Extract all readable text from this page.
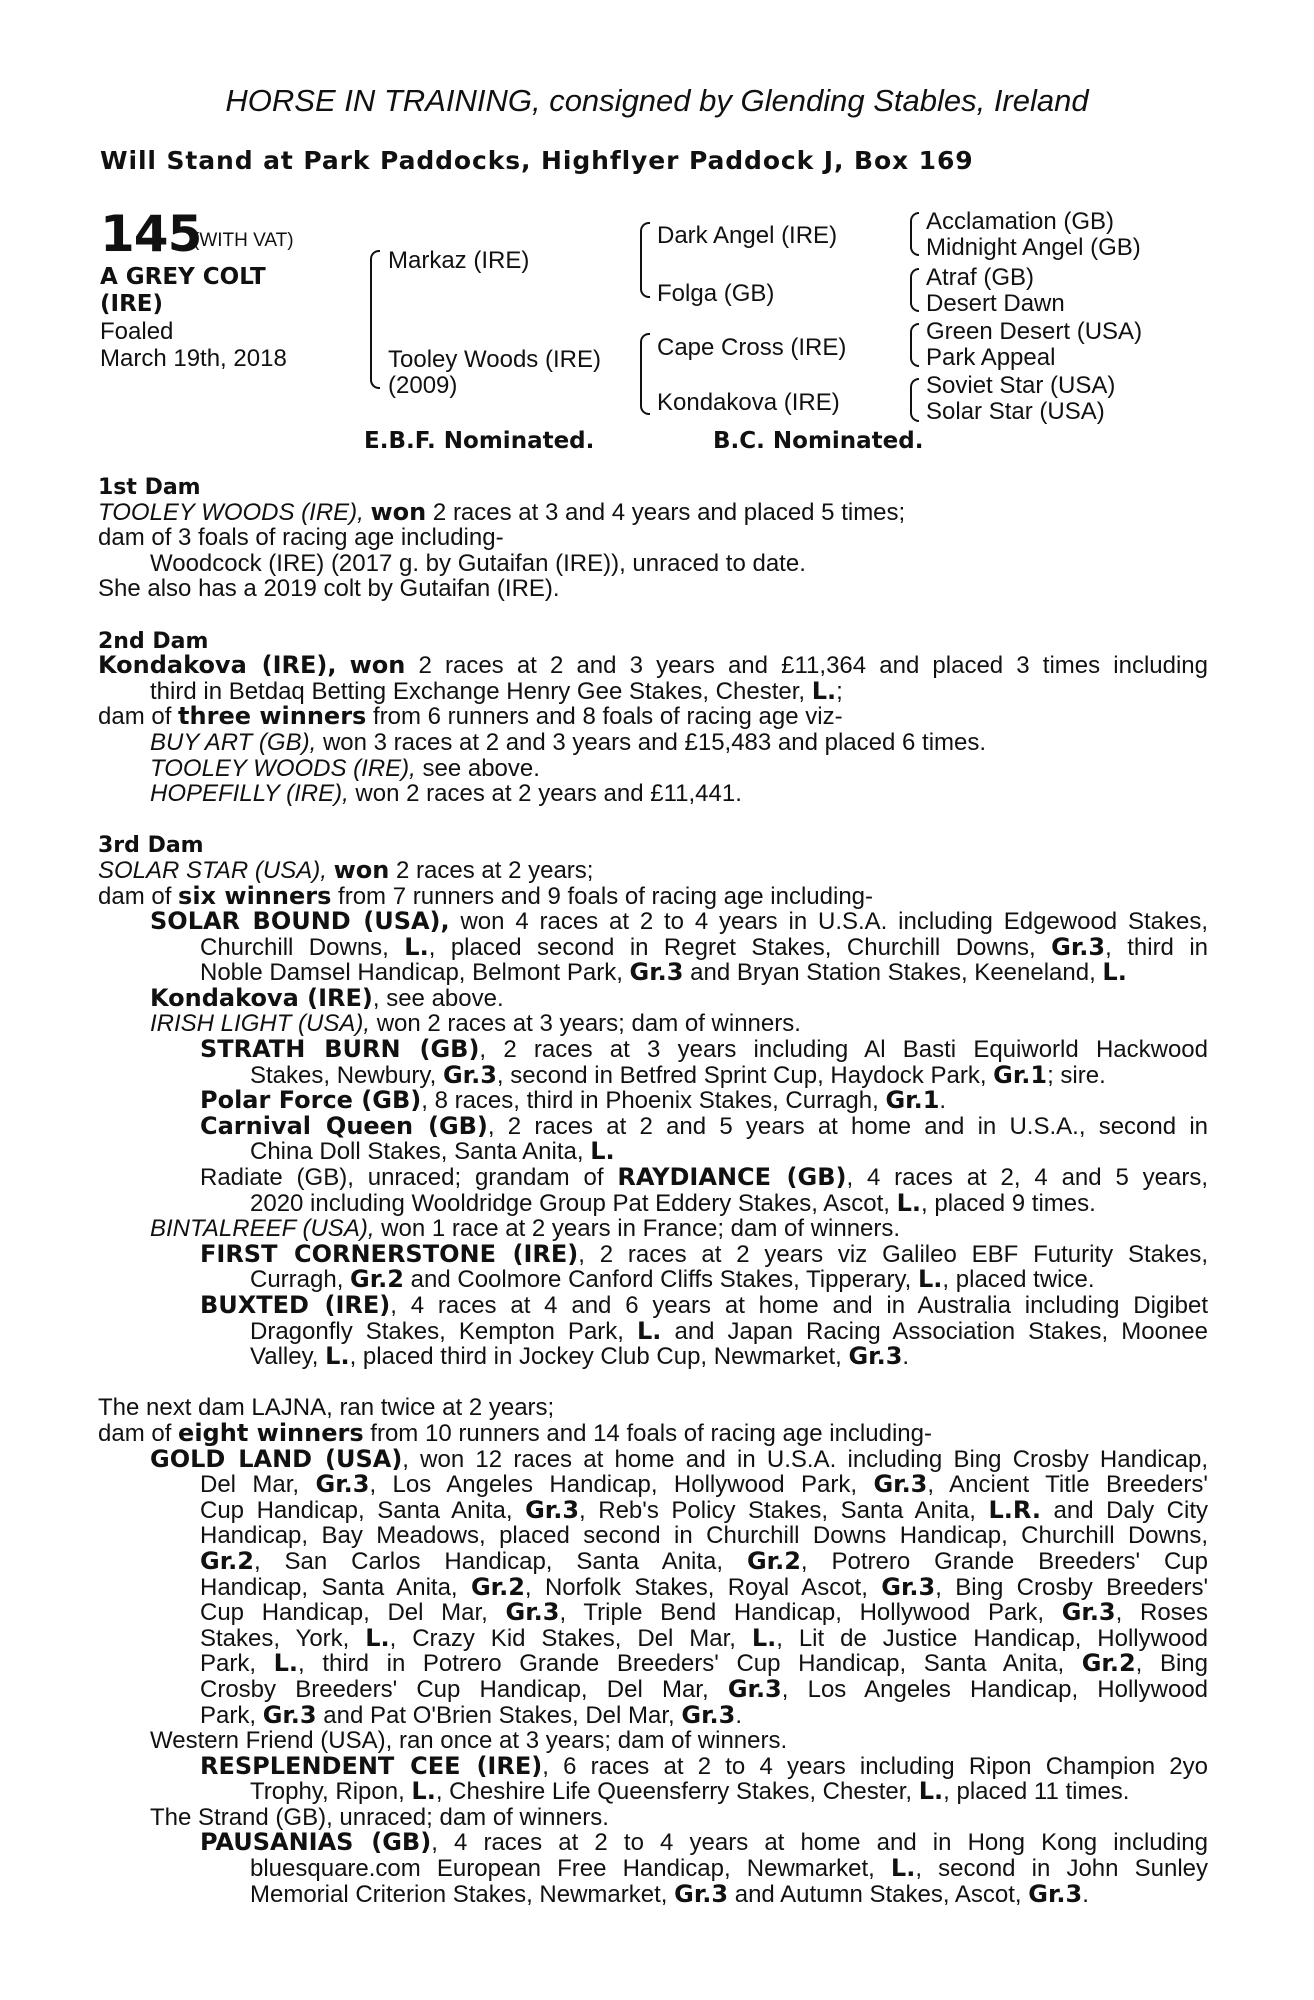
HORSE IN TRAINING, consigned by Glending Stables, Ireland
Will Stand at Park Paddocks, Highflyer Paddock J, Box 169
145
(WITH VAT)
A GREY COLT
(IRE)
Foaled
March 19th, 2018
Markaz (IRE)
Tooley Woods (IRE)
(2009)
Dark Angel (IRE)
Folga (GB)
Cape Cross (IRE)
Kondakova (IRE)
Acclamation (GB)
Midnight Angel (GB)
Atraf (GB)
Desert Dawn
Green Desert (USA)
Park Appeal
Soviet Star (USA)
Solar Star (USA)
E.B.F. Nominated.	B.C. Nominated.
1st Dam
TOOLEY WOODS (IRE), won 2 races at 3 and 4 years and placed 5 times;
dam of 3 foals of racing age including-
Woodcock (IRE) (2017 g. by Gutaifan (IRE)), unraced to date.
She also has a 2019 colt by Gutaifan (IRE).
2nd Dam
Kondakova (IRE), won 2 races at 2 and 3 years and £11,364 and placed 3 times including
third in Betdaq Betting Exchange Henry Gee Stakes, Chester, L.;
dam of three winners from 6 runners and 8 foals of racing age viz-
BUY ART (GB), won 3 races at 2 and 3 years and £15,483 and placed 6 times.
TOOLEY WOODS (IRE), see above.
HOPEFILLY (IRE), won 2 races at 2 years and £11,441.
3rd Dam
SOLAR STAR (USA), won 2 races at 2 years;
dam of six winners from 7 runners and 9 foals of racing age including-
SOLAR BOUND (USA), won 4 races at 2 to 4 years in U.S.A. including Edgewood Stakes,
Churchill Downs, L., placed second in Regret Stakes, Churchill Downs, Gr.3, third in
Noble Damsel Handicap, Belmont Park, Gr.3 and Bryan Station Stakes, Keeneland, L.
Kondakova (IRE), see above.
IRISH LIGHT (USA), won 2 races at 3 years; dam of winners.
STRATH BURN (GB), 2 races at 3 years including Al Basti Equiworld Hackwood
Stakes, Newbury, Gr.3, second in Betfred Sprint Cup, Haydock Park, Gr.1; sire.
Polar Force (GB), 8 races, third in Phoenix Stakes, Curragh, Gr.1.
Carnival Queen (GB), 2 races at 2 and 5 years at home and in U.S.A., second in
China Doll Stakes, Santa Anita, L.
Radiate (GB), unraced; grandam of RAYDIANCE (GB), 4 races at 2, 4 and 5 years,
2020 including Wooldridge Group Pat Eddery Stakes, Ascot, L., placed 9 times.
BINTALREEF (USA), won 1 race at 2 years in France; dam of winners.
FIRST CORNERSTONE (IRE), 2 races at 2 years viz Galileo EBF Futurity Stakes,
Curragh, Gr.2 and Coolmore Canford Cliffs Stakes, Tipperary, L., placed twice.
BUXTED (IRE), 4 races at 4 and 6 years at home and in Australia including Digibet
Dragonfly Stakes, Kempton Park, L. and Japan Racing Association Stakes, Moonee
Valley, L., placed third in Jockey Club Cup, Newmarket, Gr.3.
The next dam LAJNA, ran twice at 2 years;
dam of eight winners from 10 runners and 14 foals of racing age including-
GOLD LAND (USA), won 12 races at home and in U.S.A. including Bing Crosby Handicap,
Del Mar, Gr.3, Los Angeles Handicap, Hollywood Park, Gr.3, Ancient Title Breeders'
Cup Handicap, Santa Anita, Gr.3, Reb's Policy Stakes, Santa Anita, L.R. and Daly City
Handicap, Bay Meadows, placed second in Churchill Downs Handicap, Churchill Downs,
Gr.2, San Carlos Handicap, Santa Anita, Gr.2, Potrero Grande Breeders' Cup
Handicap, Santa Anita, Gr.2, Norfolk Stakes, Royal Ascot, Gr.3, Bing Crosby Breeders'
Cup Handicap, Del Mar, Gr.3, Triple Bend Handicap, Hollywood Park, Gr.3, Roses
Stakes, York, L., Crazy Kid Stakes, Del Mar, L., Lit de Justice Handicap, Hollywood
Park, L., third in Potrero Grande Breeders' Cup Handicap, Santa Anita, Gr.2, Bing
Crosby Breeders' Cup Handicap, Del Mar, Gr.3, Los Angeles Handicap, Hollywood
Park, Gr.3 and Pat O'Brien Stakes, Del Mar, Gr.3.
Western Friend (USA), ran once at 3 years; dam of winners.
RESPLENDENT CEE (IRE), 6 races at 2 to 4 years including Ripon Champion 2yo
Trophy, Ripon, L., Cheshire Life Queensferry Stakes, Chester, L., placed 11 times.
The Strand (GB), unraced; dam of winners.
PAUSANIAS (GB), 4 races at 2 to 4 years at home and in Hong Kong including
bluesquare.com European Free Handicap, Newmarket, L., second in John Sunley
Memorial Criterion Stakes, Newmarket, Gr.3 and Autumn Stakes, Ascot, Gr.3.
